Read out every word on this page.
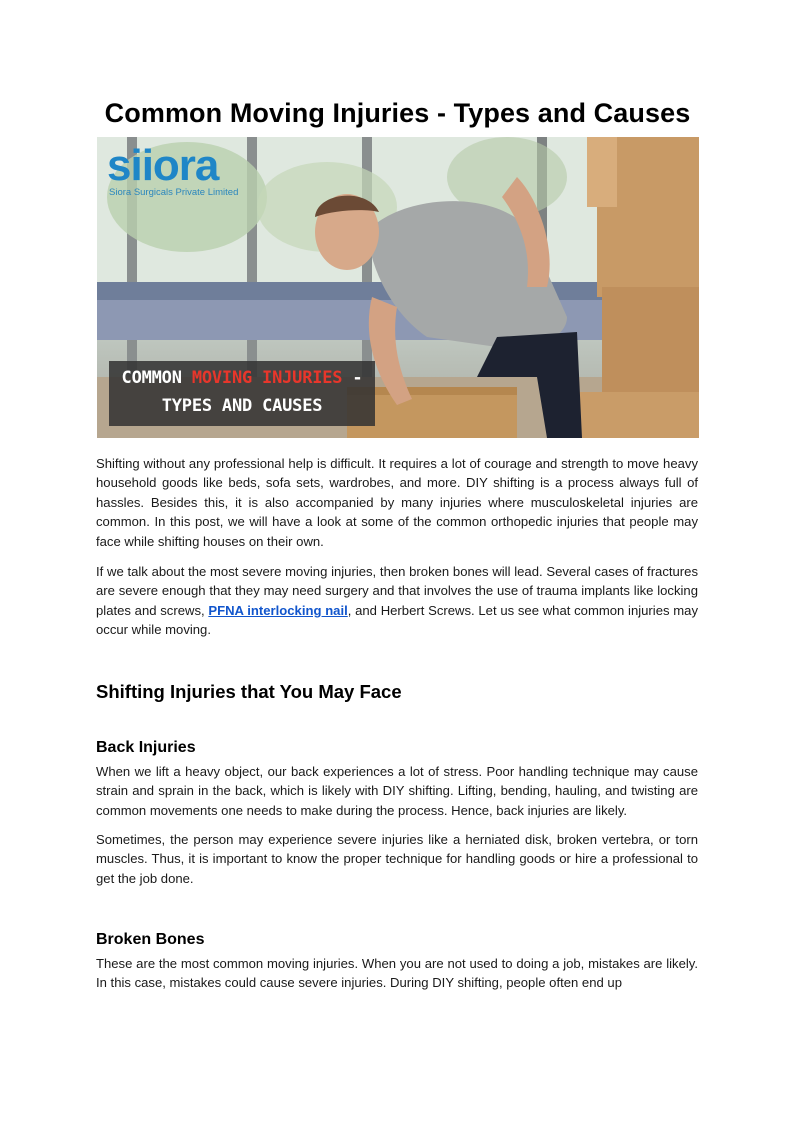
Common Moving Injuries - Types and Causes
siiora
Siora Surgicals Private Limited
COMMON MOVING INJURIES -
TYPES AND CAUSES

Shifting without any professional help is difficult. It requires a lot of courage and strength to move heavy household goods like beds, sofa sets, wardrobes, and more. DIY shifting is a process always full of hassles. Besides this, it is also accompanied by many injuries where musculoskeletal injuries are common. In this post, we will have a look at some of the common orthopedic injuries that people may face while shifting houses on their own.

If we talk about the most severe moving injuries, then broken bones will lead. Several cases of fractures are severe enough that they may need surgery and that involves the use of trauma implants like locking plates and screws, PFNA interlocking nail, and Herbert Screws. Let us see what common injuries may occur while moving.

Shifting Injuries that You May Face
Back Injuries

When we lift a heavy object, our back experiences a lot of stress. Poor handling technique may cause strain and sprain in the back, which is likely with DIY shifting. Lifting, bending, hauling, and twisting are common movements one needs to make during the process. Hence, back injuries are likely.

Sometimes, the person may experience severe injuries like a herniated disk, broken vertebra, or torn muscles. Thus, it is important to know the proper technique for handling goods or hire a professional to get the job done.

Broken Bones

These are the most common moving injuries. When you are not used to doing a job, mistakes are likely. In this case, mistakes could cause severe injuries. During DIY shifting, people often end up
